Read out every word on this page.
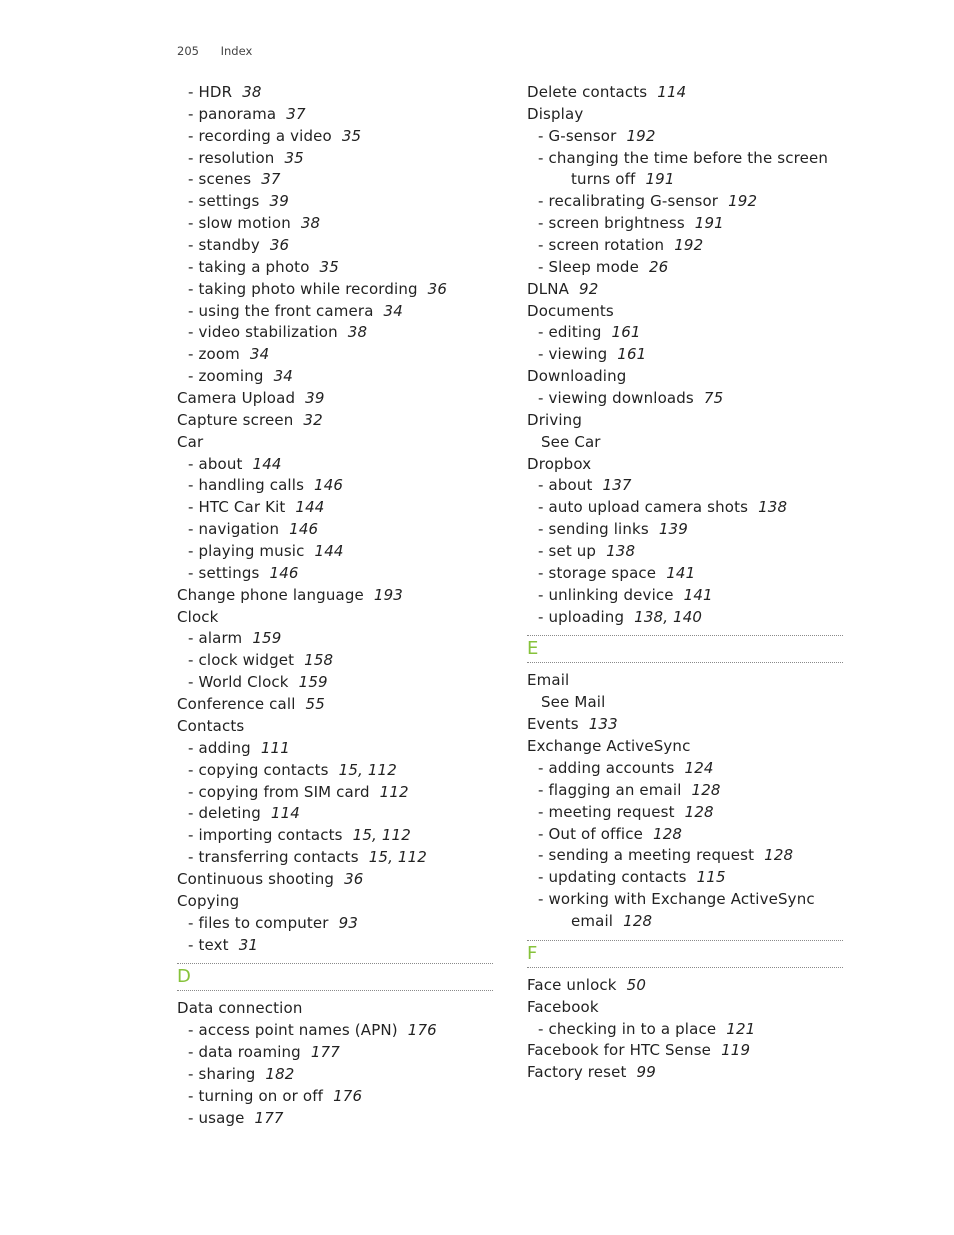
205 Index
- HDR 38
- panorama 37
- recording a video 35
- resolution 35
- scenes 37
- settings 39
- slow motion 38
- standby 36
- taking a photo 35
- taking photo while recording 36
- using the front camera 34
- video stabilization 38
- zoom 34
- zooming 34
Camera Upload 39
Capture screen 32
Car
- about 144
- handling calls 146
- HTC Car Kit 144
- navigation 146
- playing music 144
- settings 146
Change phone language 193
Clock
- alarm 159
- clock widget 158
- World Clock 159
Conference call 55
Contacts
- adding 111
- copying contacts 15, 112
- copying from SIM card 112
- deleting 114
- importing contacts 15, 112
- transferring contacts 15, 112
Continuous shooting 36
Copying
- files to computer 93
- text 31
D
Data connection
- access point names (APN) 176
- data roaming 177
- sharing 182
- turning on or off 176
- usage 177
Delete contacts 114
Display
- G-sensor 192
- changing the time before the screen
turns off 191
- recalibrating G-sensor 192
- screen brightness 191
- screen rotation 192
- Sleep mode 26
DLNA 92
Documents
- editing 161
- viewing 161
Downloading
- viewing downloads 75
Driving
See Car
Dropbox
- about 137
- auto upload camera shots 138
- sending links 139
- set up 138
- storage space 141
- unlinking device 141
- uploading 138, 140
E
Email
See Mail
Events 133
Exchange ActiveSync
- adding accounts 124
- flagging an email 128
- meeting request 128
- Out of office 128
- sending a meeting request 128
- updating contacts 115
- working with Exchange ActiveSync
email 128
F
Face unlock 50
Facebook
- checking in to a place 121
Facebook for HTC Sense 119
Factory reset 99
